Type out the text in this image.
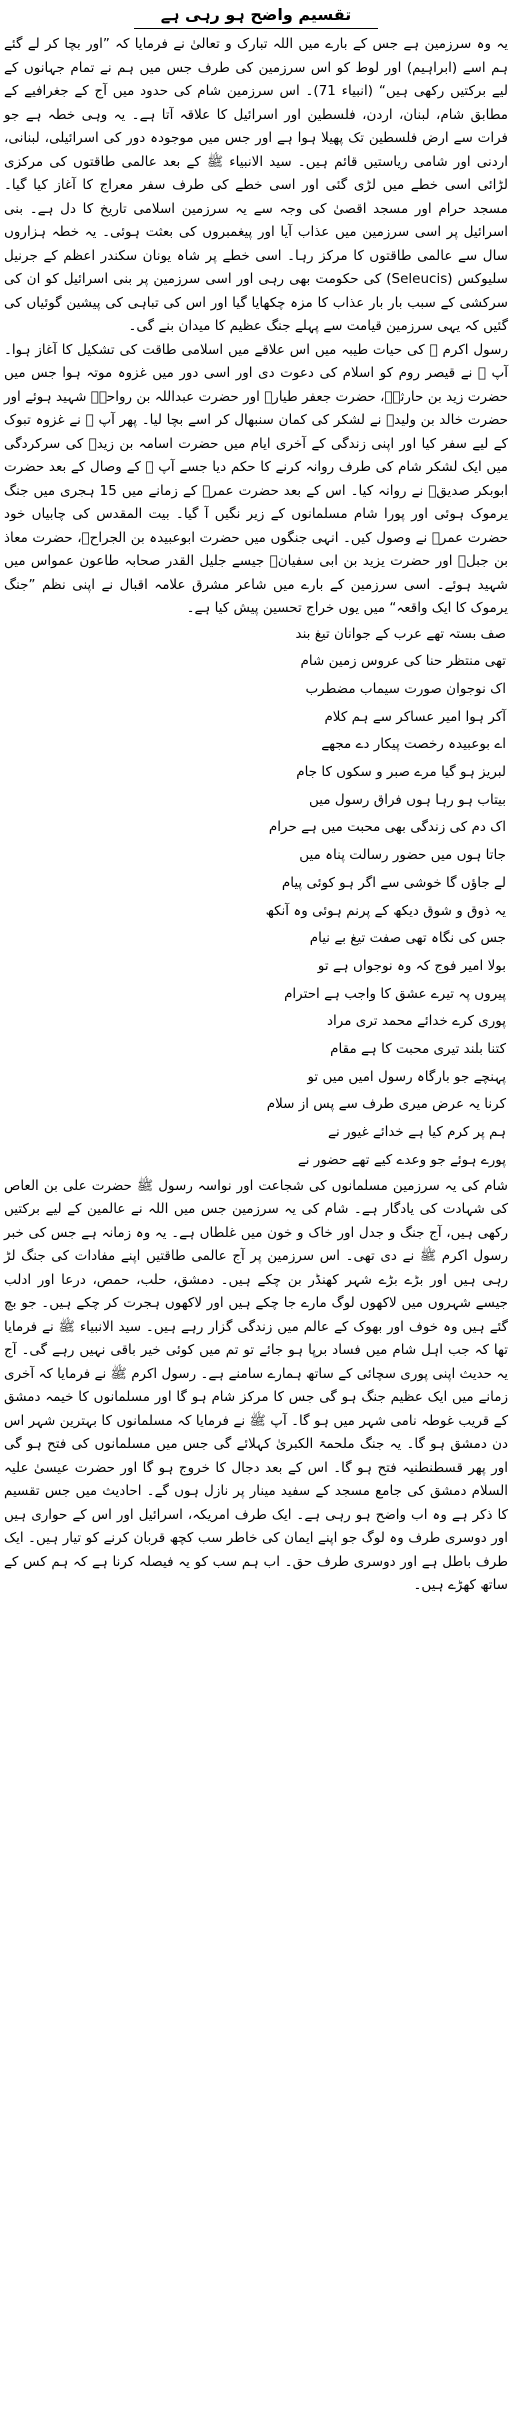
تقسیم واضح ہو رہی ہے

یہ وہ سرزمین ہے جس کے بارے میں اللہ تبارک و تعالیٰ نے فرمایا کہ ”اور بچا کر لے گئے ہم اسے (ابراہیم) اور لوط کو اس سرزمین کی طرف جس میں ہم نے تمام جہانوں کے لیے برکتیں رکھی ہیں“ (انبیاء 71)۔ اس سرزمین شام کی حدود میں آج کے جغرافیے کے مطابق شام، لبنان، اردن، فلسطین اور اسرائیل کا علاقہ آتا ہے۔ یہ وہی خطہ ہے جو فرات سے ارض فلسطین تک پھیلا ہوا ہے اور جس میں موجودہ دور کی اسرائیلی، لبنانی، اردنی اور شامی ریاستیں قائم ہیں۔ سید الانبیاء ﷺ کے بعد عالمی طاقتوں کی مرکزی لڑائی اسی خطے میں لڑی گئی اور اسی خطے کی طرف سفر معراج کا آغاز کیا گیا۔ مسجد حرام اور مسجد اقصیٰ کی وجہ سے یہ سرزمین اسلامی تاریخ کا دل ہے۔ بنی اسرائیل پر اسی سرزمین میں عذاب آیا اور پیغمبروں کی بعثت ہوئی۔ یہ خطہ ہزاروں سال سے عالمی طاقتوں کا مرکز رہا۔ اسی خطے پر شاہ یونان سکندر اعظم کے جرنیل سلیوکس (Seleucis) کی حکومت بھی رہی اور اسی سرزمین پر بنی اسرائیل کو ان کی سرکشی کے سبب بار بار عذاب کا مزہ چکھایا گیا اور اس کی تباہی کی پیشین گوئیاں کی گئیں کہ یہی سرزمین قیامت سے پہلے جنگ عظیم کا میدان بنے گی۔

رسول اکرم ﷺ کی حیات طیبہ میں اس علاقے میں اسلامی طاقت کی تشکیل کا آغاز ہوا۔ آپ ﷺ نے قیصر روم کو اسلام کی دعوت دی اور اسی دور میں غزوہ موتہ ہوا جس میں حضرت زید بن حارثہؓ، حضرت جعفر طیارؓ اور حضرت عبداللہ بن رواحہؓ شہید ہوئے اور حضرت خالد بن ولیدؓ نے لشکر کی کمان سنبھال کر اسے بچا لیا۔ پھر آپ ﷺ نے غزوہ تبوک کے لیے سفر کیا اور اپنی زندگی کے آخری ایام میں حضرت اسامہ بن زیدؓ کی سرکردگی میں ایک لشکر شام کی طرف روانہ کرنے کا حکم دیا جسے آپ ﷺ کے وصال کے بعد حضرت ابوبکر صدیقؓ نے روانہ کیا۔ اس کے بعد حضرت عمرؓ کے زمانے میں 15 ہجری میں جنگ یرموک ہوئی اور پورا شام مسلمانوں کے زیر نگیں آ گیا۔ بیت المقدس کی چابیاں خود حضرت عمرؓ نے وصول کیں۔ انہی جنگوں میں حضرت ابوعبیدہ بن الجراحؓ، حضرت معاذ بن جبلؓ اور حضرت یزید بن ابی سفیانؓ جیسے جلیل القدر صحابہ طاعون عمواس میں شہید ہوئے۔ اسی سرزمین کے بارے میں شاعر مشرق علامہ اقبال نے اپنی نظم ”جنگ یرموک کا ایک واقعہ“ میں یوں خراج تحسین پیش کیا ہے۔

صف بستہ تھے عرب کے جوانان تیغ بند
تھی منتظر حنا کی عروس زمین شام
اک نوجوان صورت سیماب مضطرب
آکر ہوا امیر عساکر سے ہم کلام
اے بوعبیدہ رخصت پیکار دے مجھے
لبریز ہو گیا مرے صبر و سکوں کا جام
بیتاب ہو رہا ہوں فراق رسول میں
اک دم کی زندگی بھی محبت میں ہے حرام
جاتا ہوں میں حضور رسالت پناہ میں
لے جاؤں گا خوشی سے اگر ہو کوئی پیام
یہ ذوق و شوق دیکھ کے پرنم ہوئی وہ آنکھ
جس کی نگاہ تھی صفت تیغ بے نیام
بولا امیر فوج کہ وہ نوجواں ہے تو
پیروں پہ تیرے عشق کا واجب ہے احترام
پوری کرے خدائے محمد تری مراد
کتنا بلند تیری محبت کا ہے مقام
پہنچے جو بارگاہ رسول امیں میں تو
کرنا یہ عرض میری طرف سے پس از سلام
ہم پر کرم کیا ہے خدائے غیور نے
پورے ہوئے جو وعدے کیے تھے حضور نے

شام کی یہ سرزمین مسلمانوں کی شجاعت اور نواسہ رسول ﷺ حضرت علی بن العاص کی شہادت کی یادگار ہے۔ شام کی یہ سرزمین جس میں اللہ نے عالمین کے لیے برکتیں رکھی ہیں، آج جنگ و جدل اور خاک و خون میں غلطاں ہے۔ یہ وہ زمانہ ہے جس کی خبر رسول اکرم ﷺ نے دی تھی۔ اس سرزمین پر آج عالمی طاقتیں اپنے مفادات کی جنگ لڑ رہی ہیں اور بڑے بڑے شہر کھنڈر بن چکے ہیں۔ دمشق، حلب، حمص، درعا اور ادلب جیسے شہروں میں لاکھوں لوگ مارے جا چکے ہیں اور لاکھوں ہجرت کر چکے ہیں۔ جو بچ گئے ہیں وہ خوف اور بھوک کے عالم میں زندگی گزار رہے ہیں۔ سید الانبیاء ﷺ نے فرمایا تھا کہ جب اہل شام میں فساد برپا ہو جائے تو تم میں کوئی خیر باقی نہیں رہے گی۔ آج یہ حدیث اپنی پوری سچائی کے ساتھ ہمارے سامنے ہے۔ رسول اکرم ﷺ نے فرمایا کہ آخری زمانے میں ایک عظیم جنگ ہو گی جس کا مرکز شام ہو گا اور مسلمانوں کا خیمہ دمشق کے قریب غوطہ نامی شہر میں ہو گا۔ آپ ﷺ نے فرمایا کہ مسلمانوں کا بہترین شہر اس دن دمشق ہو گا۔ یہ جنگ ملحمۃ الکبریٰ کہلائے گی جس میں مسلمانوں کی فتح ہو گی اور پھر قسطنطنیہ فتح ہو گا۔ اس کے بعد دجال کا خروج ہو گا اور حضرت عیسیٰ علیہ السلام دمشق کی جامع مسجد کے سفید مینار پر نازل ہوں گے۔ احادیث میں جس تقسیم کا ذکر ہے وہ اب واضح ہو رہی ہے۔ ایک طرف امریکہ، اسرائیل اور اس کے حواری ہیں اور دوسری طرف وہ لوگ جو اپنے ایمان کی خاطر سب کچھ قربان کرنے کو تیار ہیں۔ ایک طرف باطل ہے اور دوسری طرف حق۔ اب ہم سب کو یہ فیصلہ کرنا ہے کہ ہم کس کے ساتھ کھڑے ہیں۔
